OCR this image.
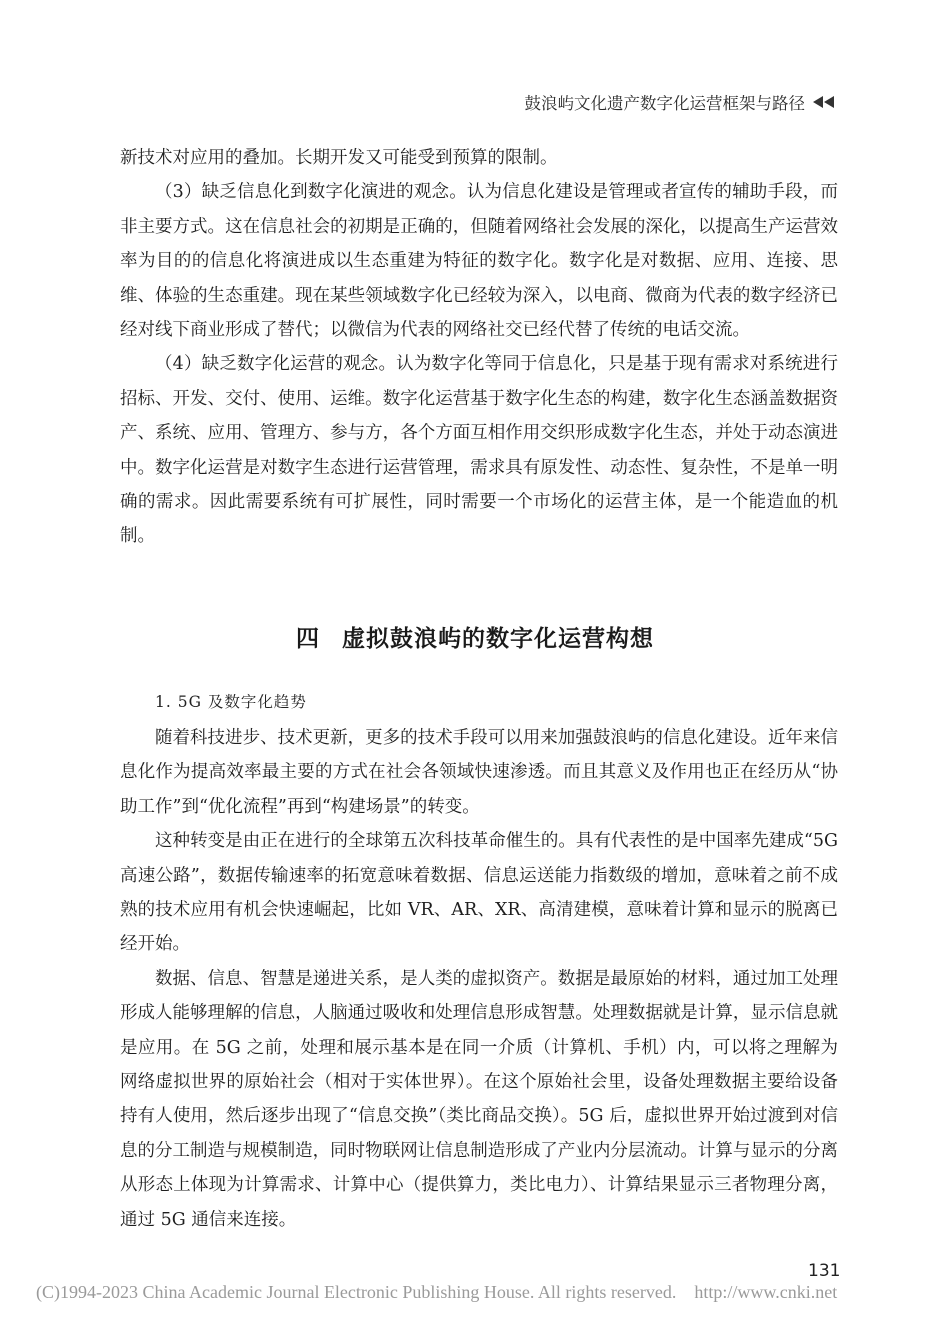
鼓浪屿文化遗产数字化运营框架与路径

新技术对应用的叠加。长期开发又可能受到预算的限制。

（3）缺乏信息化到数字化演进的观念。认为信息化建设是管理或者宣传的辅助手段，而非主要方式。这在信息社会的初期是正确的，但随着网络社会发展的深化，以提高生产运营效率为目的的信息化将演进成以生态重建为特征的数字化。数字化是对数据、应用、连接、思维、体验的生态重建。现在某些领域数字化已经较为深入，以电商、微商为代表的数字经济已经对线下商业形成了替代；以微信为代表的网络社交已经代替了传统的电话交流。

（4）缺乏数字化运营的观念。认为数字化等同于信息化，只是基于现有需求对系统进行招标、开发、交付、使用、运维。数字化运营基于数字化生态的构建，数字化生态涵盖数据资产、系统、应用、管理方、参与方，各个方面互相作用交织形成数字化生态，并处于动态演进中。数字化运营是对数字生态进行运营管理，需求具有原发性、动态性、复杂性，不是单一明确的需求。因此需要系统有可扩展性，同时需要一个市场化的运营主体，是一个能造血的机制。

四 虚拟鼓浪屿的数字化运营构想
1. 5G 及数字化趋势

随着科技进步、技术更新，更多的技术手段可以用来加强鼓浪屿的信息化建设。近年来信息化作为提高效率最主要的方式在社会各领域快速渗透。而且其意义及作用也正在经历从“协助工作”到“优化流程”再到“构建场景”的转变。

这种转变是由正在进行的全球第五次科技革命催生的。具有代表性的是中国率先建成“5G 高速公路”，数据传输速率的拓宽意味着数据、信息运送能力指数级的增加，意味着之前不成熟的技术应用有机会快速崛起，比如 VR、AR、XR、高清建模，意味着计算和显示的脱离已经开始。

数据、信息、智慧是递进关系，是人类的虚拟资产。数据是最原始的材料，通过加工处理形成人能够理解的信息，人脑通过吸收和处理信息形成智慧。处理数据就是计算，显示信息就是应用。在 5G 之前，处理和展示基本是在同一介质（计算机、手机）内，可以将之理解为网络虚拟世界的原始社会（相对于实体世界）。在这个原始社会里，设备处理数据主要给设备持有人使用，然后逐步出现了“信息交换”（类比商品交换）。5G 后，虚拟世界开始过渡到对信息的分工制造与规模制造，同时物联网让信息制造形成了产业内分层流动。计算与显示的分离从形态上体现为计算需求、计算中心（提供算力，类比电力）、计算结果显示三者物理分离，通过 5G 通信来连接。

131
(C)1994-2023 China Academic Journal Electronic Publishing House. All rights reserved. http://www.cnki.net
